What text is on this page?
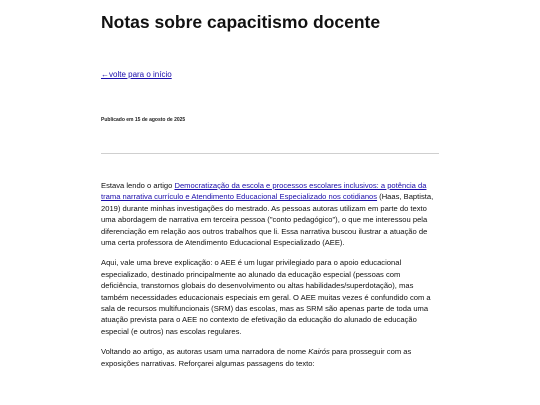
Notas sobre capacitismo docente
←volte para o início
Publicado em 15 de agosto de 2025

Estava lendo o artigo Democratização da escola e processos escolares inclusivos: a potência da trama narrativa currículo e Atendimento Educacional Especializado nos cotidianos (Haas, Baptista, 2019) durante minhas investigações do mestrado. As pessoas autoras utilizam em parte do texto uma abordagem de narrativa em terceira pessoa ("conto pedagógico"), o que me interessou pela diferenciação em relação aos outros trabalhos que li. Essa narrativa buscou ilustrar a atuação de uma certa professora de Atendimento Educacional Especializado (AEE).

Aqui, vale uma breve explicação: o AEE é um lugar privilegiado para o apoio educacional especializado, destinado principalmente ao alunado da educação especial (pessoas com deficiência, transtornos globais do desenvolvimento ou altas habilidades/superdotação), mas também necessidades educacionais especiais em geral. O AEE muitas vezes é confundido com a sala de recursos multifuncionais (SRM) das escolas, mas as SRM são apenas parte de toda uma atuação prevista para o AEE no contexto de efetivação da educação do alunado de educação especial (e outros) nas escolas regulares.

Voltando ao artigo, as autoras usam uma narradora de nome Kairós para prosseguir com as exposições narrativas. Reforçarei algumas passagens do texto:
